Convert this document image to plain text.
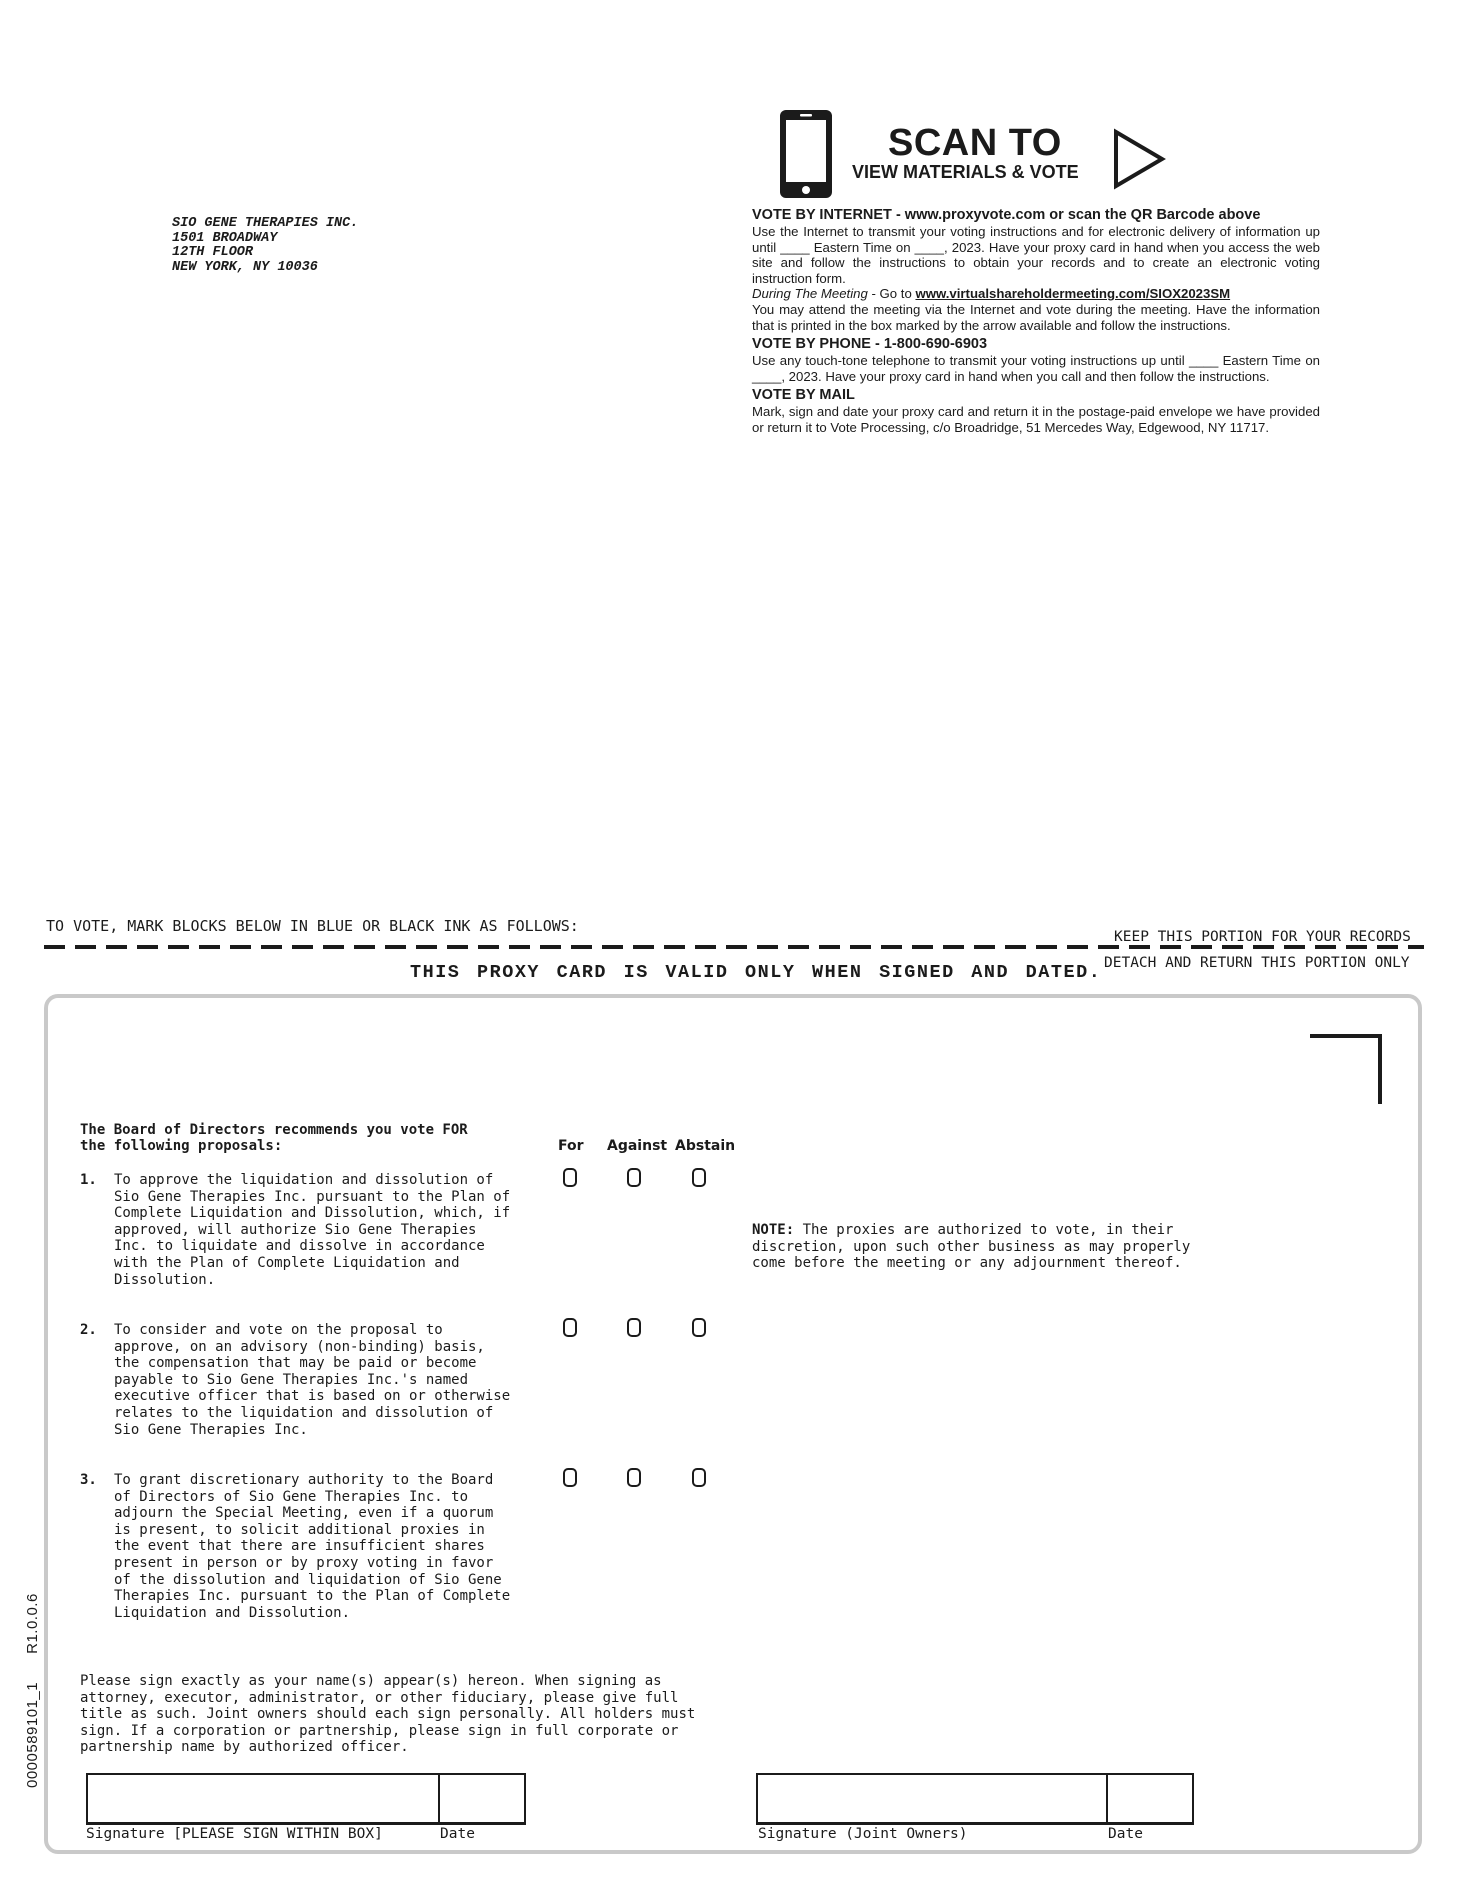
SIO GENE THERAPIES INC.
1501 BROADWAY
12TH FLOOR
NEW YORK, NY 10036
SCAN TO
VIEW MATERIALS & VOTE
VOTE BY INTERNET - www.proxyvote.com or scan the QR Barcode above

Use the Internet to transmit your voting instructions and for electronic delivery of information up until ____ Eastern Time on ____, 2023. Have your proxy card in hand when you access the web site and follow the instructions to obtain your records and to create an electronic voting instruction form.

During The Meeting - Go to www.virtualshareholdermeeting.com/SIOX2023SM

You may attend the meeting via the Internet and vote during the meeting. Have the information that is printed in the box marked by the arrow available and follow the instructions.

VOTE BY PHONE - 1-800-690-6903

Use any touch-tone telephone to transmit your voting instructions up until ____ Eastern Time on ____, 2023. Have your proxy card in hand when you call and then follow the instructions.

VOTE BY MAIL

Mark, sign and date your proxy card and return it in the postage-paid envelope we have provided or return it to Vote Processing, c/o Broadridge, 51 Mercedes Way, Edgewood, NY 11717.

TO VOTE, MARK BLOCKS BELOW IN BLUE OR BLACK INK AS FOLLOWS:
KEEP THIS PORTION FOR YOUR RECORDS
DETACH AND RETURN THIS PORTION ONLY
THIS PROXY CARD IS VALID ONLY WHEN SIGNED AND DATED.
The Board of Directors recommends you vote FOR
the following proposals:	For Against Abstain
1. To approve the liquidation and dissolution of
Sio Gene Therapies Inc. pursuant to the Plan of
Complete Liquidation and Dissolution, which, if
approved, will authorize Sio Gene Therapies
Inc. to liquidate and dissolve in accordance
with the Plan of Complete Liquidation and
Dissolution.
2. To consider and vote on the proposal to
approve, on an advisory (non-binding) basis,
the compensation that may be paid or become
payable to Sio Gene Therapies Inc.'s named
executive officer that is based on or otherwise
relates to the liquidation and dissolution of
Sio Gene Therapies Inc.
3. To grant discretionary authority to the Board
of Directors of Sio Gene Therapies Inc. to
adjourn the Special Meeting, even if a quorum
is present, to solicit additional proxies in
the event that there are insufficient shares
present in person or by proxy voting in favor
of the dissolution and liquidation of Sio Gene
Therapies Inc. pursuant to the Plan of Complete
Liquidation and Dissolution.
NOTE: The proxies are authorized to vote, in their discretion, upon such other business as may properly come before the meeting or any adjournment thereof.
Please sign exactly as your name(s) appear(s) hereon. When signing as attorney, executor, administrator, or other fiduciary, please give full title as such. Joint owners should each sign personally. All holders must sign. If a corporation or partnership, please sign in full corporate or partnership name by authorized officer.
Signature [PLEASE SIGN WITHIN BOX]	Date	Signature (Joint Owners)	Date
0000589101_1R1.0.0.6
